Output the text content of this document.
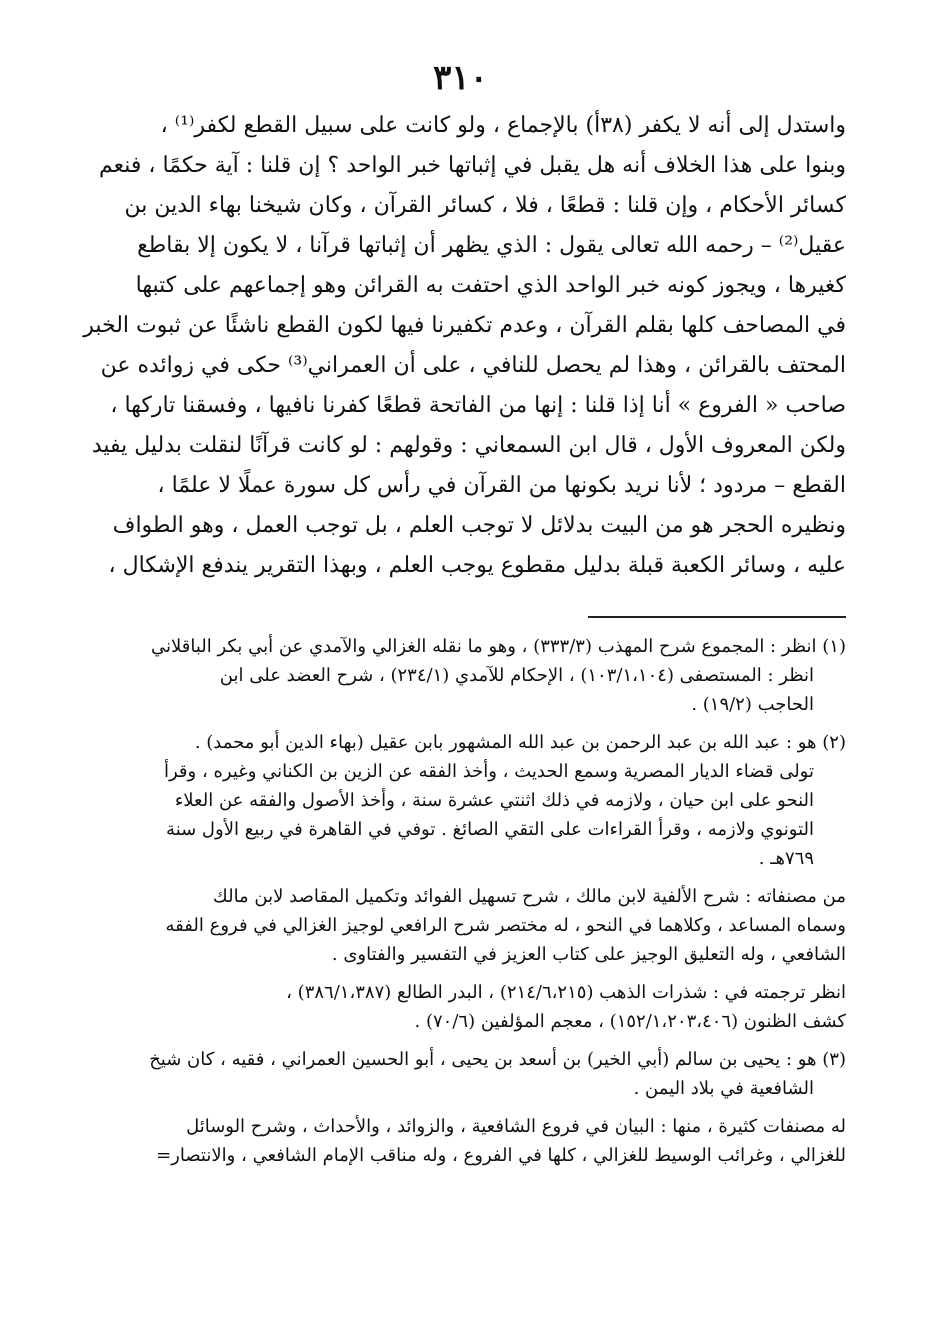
٣١٠
واستدل إلى أنه لا يكفر (٣٨أ) بالإجماع ، ولو كانت على سبيل القطع لكفر⁽¹⁾ ،
وبنوا على هذا الخلاف أنه هل يقبل في إثباتها خبر الواحد ؟ إن قلنا : آية حكمًا ، فنعم
كسائر الأحكام ، وإن قلنا : قطعًا ، فلا ، كسائر القرآن ، وكان شيخنا بهاء الدين بن
عقيل⁽²⁾ – رحمه الله تعالى يقول : الذي يظهر أن إثباتها قرآنا ، لا يكون إلا بقاطع
كغيرها ، ويجوز كونه خبر الواحد الذي احتفت به القرائن وهو إجماعهم على كتبها
في المصاحف كلها بقلم القرآن ، وعدم تكفيرنا فيها لكون القطع ناشئًا عن ثبوت الخبر
المحتف بالقرائن ، وهذا لم يحصل للنافي ، على أن العمراني⁽³⁾ حكى في زوائده عن
صاحب « الفروع » أنا إذا قلنا : إنها من الفاتحة قطعًا كفرنا نافيها ، وفسقنا تاركها ،
ولكن المعروف الأول ، قال ابن السمعاني : وقولهم : لو كانت قرآنًا لنقلت بدليل يفيد
القطع – مردود ؛ لأنا نريد بكونها من القرآن في رأس كل سورة عملًا لا علمًا ،
ونظيره الحجر هو من البيت بدلائل لا توجب العلم ، بل توجب العمل ، وهو الطواف
عليه ، وسائر الكعبة قبلة بدليل مقطوع يوجب العلم ، وبهذا التقرير يندفع الإشكال ،
(١) انظر : المجموع شرح المهذب (٣٣٣/٣) ، وهو ما نقله الغزالي والآمدي عن أبي بكر الباقلاني
انظر : المستصفى (١٠٣/١،١٠٤) ، الإحكام للآمدي (٢٣٤/١) ، شرح العضد على ابن
الحاجب (١٩/٢) .
(٢) هو : عبد الله بن عبد الرحمن بن عبد الله المشهور بابن عقيل (بهاء الدين أبو محمد) .
تولى قضاء الديار المصرية وسمع الحديث ، وأخذ الفقه عن الزين بن الكناني وغيره ، وقرأ
النحو على ابن حيان ، ولازمه في ذلك اثنتي عشرة سنة ، وأخذ الأصول والفقه عن العلاء
التونوي ولازمه ، وقرأ القراءات على التقي الصائغ . توفي في القاهرة في ربيع الأول سنة
٧٦٩هـ .
من مصنفاته : شرح الألفية لابن مالك ، شرح تسهيل الفوائد وتكميل المقاصد لابن مالك
وسماه المساعد ، وكلاهما في النحو ، له مختصر شرح الرافعي لوجيز الغزالي في فروع الفقه
الشافعي ، وله التعليق الوجيز على كتاب العزيز في التفسير والفتاوى .
انظر ترجمته في : شذرات الذهب (٢١٤/٦،٢١٥) ، البدر الطالع (٣٨٦/١،٣٨٧) ،
كشف الظنون (١٥٢/١،٢٠٣،٤٠٦) ، معجم المؤلفين (٧٠/٦) .
(٣) هو : يحيى بن سالم (أبي الخير) بن أسعد بن يحيى ، أبو الحسين العمراني ، فقيه ، كان شيخ
الشافعية في بلاد اليمن .
له مصنفات كثيرة ، منها : البيان في فروع الشافعية ، والزوائد ، والأحداث ، وشرح الوسائل
للغزالي ، وغرائب الوسيط للغزالي ، كلها في الفروع ، وله مناقب الإمام الشافعي ، والانتصار=
